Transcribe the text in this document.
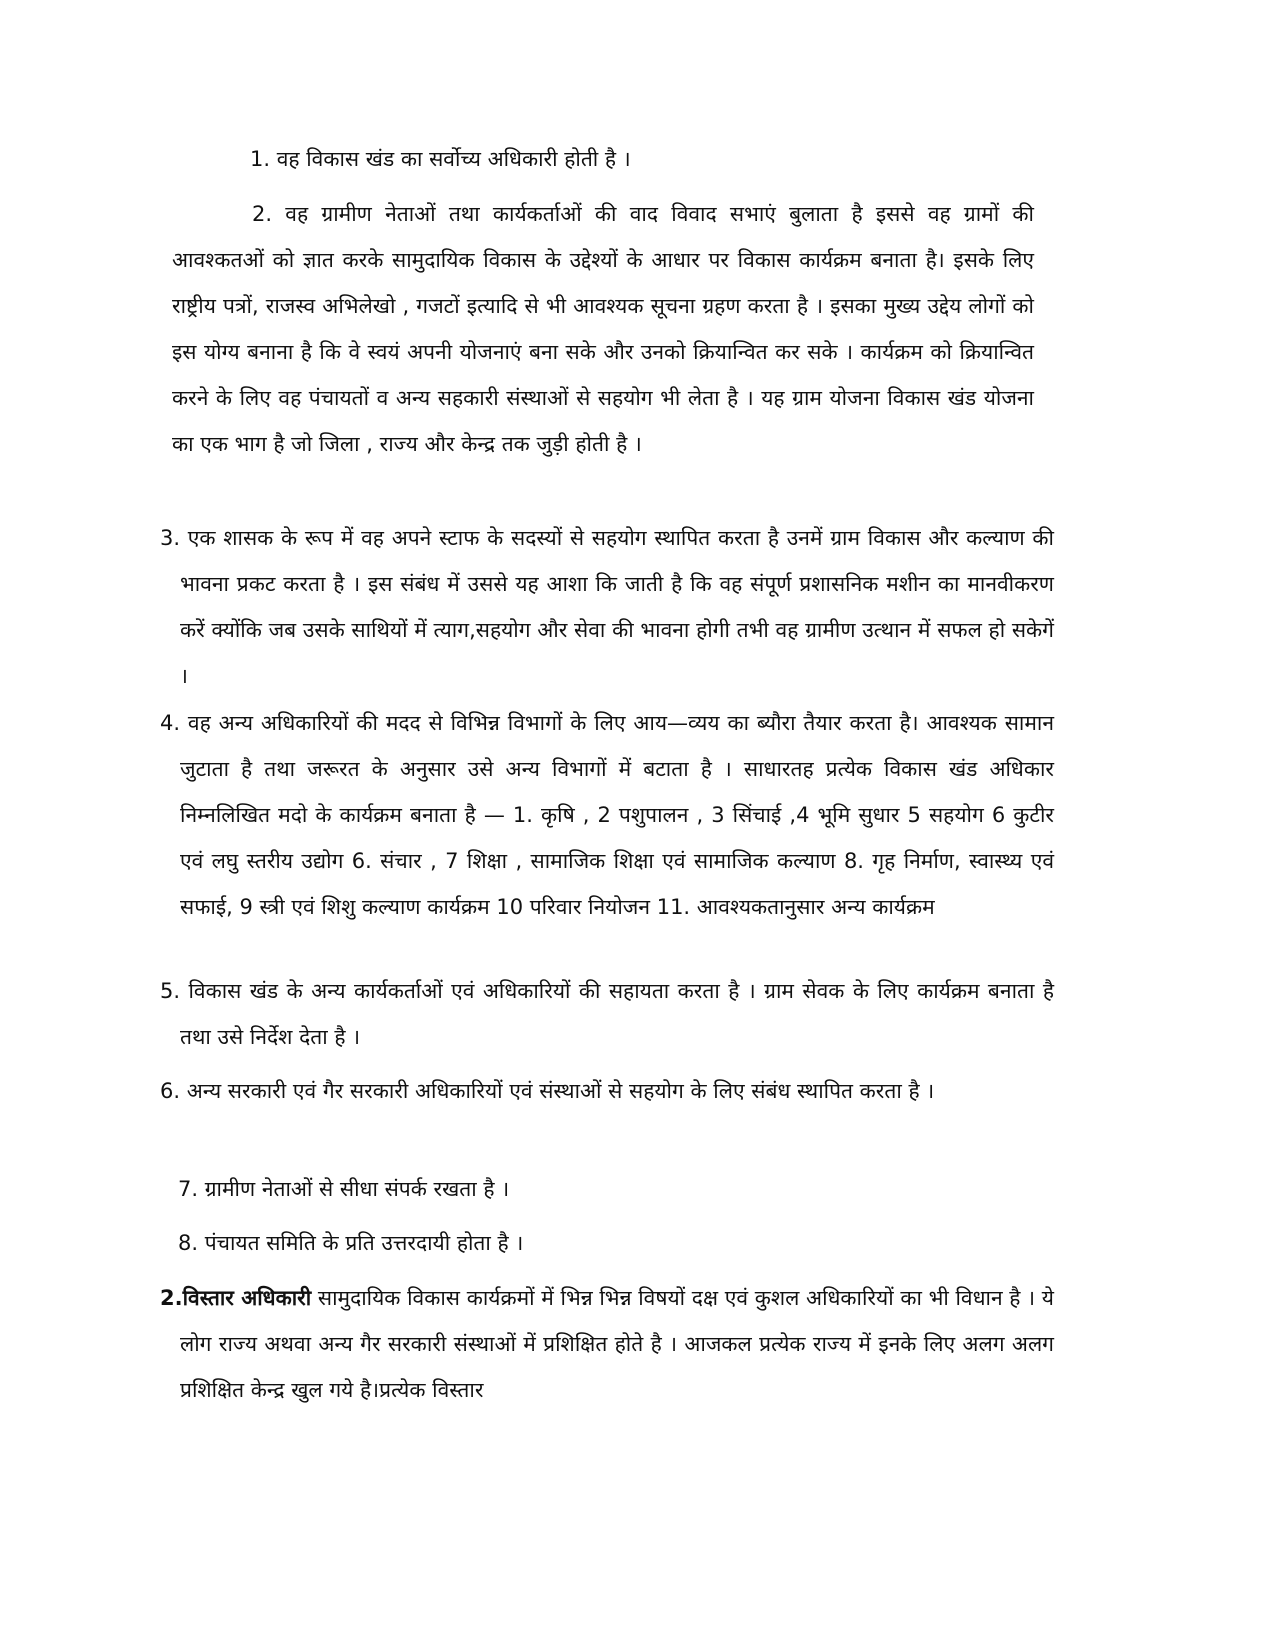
1. वह विकास खंड का सर्वोच्य अधिकारी होती है ।

2. वह ग्रामीण नेताओं तथा कार्यकर्ताओं की वाद विवाद सभाएं बुलाता है इससे वह ग्रामों की आवश्कतओं को ज्ञात करके सामुदायिक विकास के उद्देश्यों के आधार पर विकास कार्यक्रम बनाता है। इसके लिए राष्ट्रीय पत्रों, राजस्व अभिलेखो , गजटों इत्यादि से भी आवश्यक सूचना ग्रहण करता है । इसका मुख्य उद्देय लोगों को इस योग्य बनाना है कि वे स्वयं अपनी योजनाएं बना सके और उनको क्रियान्वित कर सके । कार्यक्रम को क्रियान्वित करने के लिए वह पंचायतों व अन्य सहकारी संस्थाओं से सहयोग भी लेता है । यह ग्राम योजना विकास खंड योजना का एक भाग है जो जिला , राज्य और केन्द्र तक जुड़ी होती है ।

3. एक शासक के रूप में वह अपने स्टाफ के सदस्यों से सहयोग स्थापित करता है उनमें ग्राम विकास और कल्याण की भावना प्रकट करता है । इस संबंध में उससे यह आशा कि जाती है कि वह संपूर्ण प्रशासनिक मशीन का मानवीकरण करें क्योंकि जब उसके साथियों में त्याग,सहयोग और सेवा की भावना होगी तभी वह ग्रामीण उत्थान में सफल हो सकेगें ।

4. वह अन्य अधिकारियों की मदद से विभिन्न विभागों के लिए आय—व्यय का ब्यौरा तैयार करता है। आवश्यक सामान जुटाता है तथा जरूरत के अनुसार उसे अन्य विभागों में बटाता है । साधारतह प्रत्येक विकास खंड अधिकार निम्नलिखित मदो के कार्यक्रम बनाता है — 1. कृषि , 2 पशुपालन , 3 सिंचाई ,4 भूमि सुधार 5 सहयोग 6 कुटीर एवं लघु स्तरीय उद्योग 6. संचार , 7 शिक्षा , सामाजिक शिक्षा एवं सामाजिक कल्याण 8. गृह निर्माण, स्वास्थ्य एवं सफाई, 9 स्त्री एवं शिशु कल्याण कार्यक्रम 10 परिवार नियोजन 11. आवश्यकतानुसार अन्य कार्यक्रम

5. विकास खंड के अन्य कार्यकर्ताओं एवं अधिकारियों की सहायता करता है । ग्राम सेवक के लिए कार्यक्रम बनाता है तथा उसे निर्देश देता है ।

6. अन्य सरकारी एवं गैर सरकारी अधिकारियों एवं संस्थाओं से सहयोग के लिए संबंध स्थापित करता है ।

7. ग्रामीण नेताओं से सीधा संपर्क रखता है ।

8. पंचायत समिति के प्रति उत्तरदायी होता है ।

2.विस्तार अधिकारी सामुदायिक विकास कार्यक्रमों में भिन्न भिन्न विषयों दक्ष एवं कुशल अधिकारियों का भी विधान है । ये लोग राज्य अथवा अन्य गैर सरकारी संस्थाओं में प्रशिक्षित होते है । आजकल प्रत्येक राज्य में इनके लिए अलग अलग प्रशिक्षित केन्द्र खुल गये है।प्रत्येक विस्तार
